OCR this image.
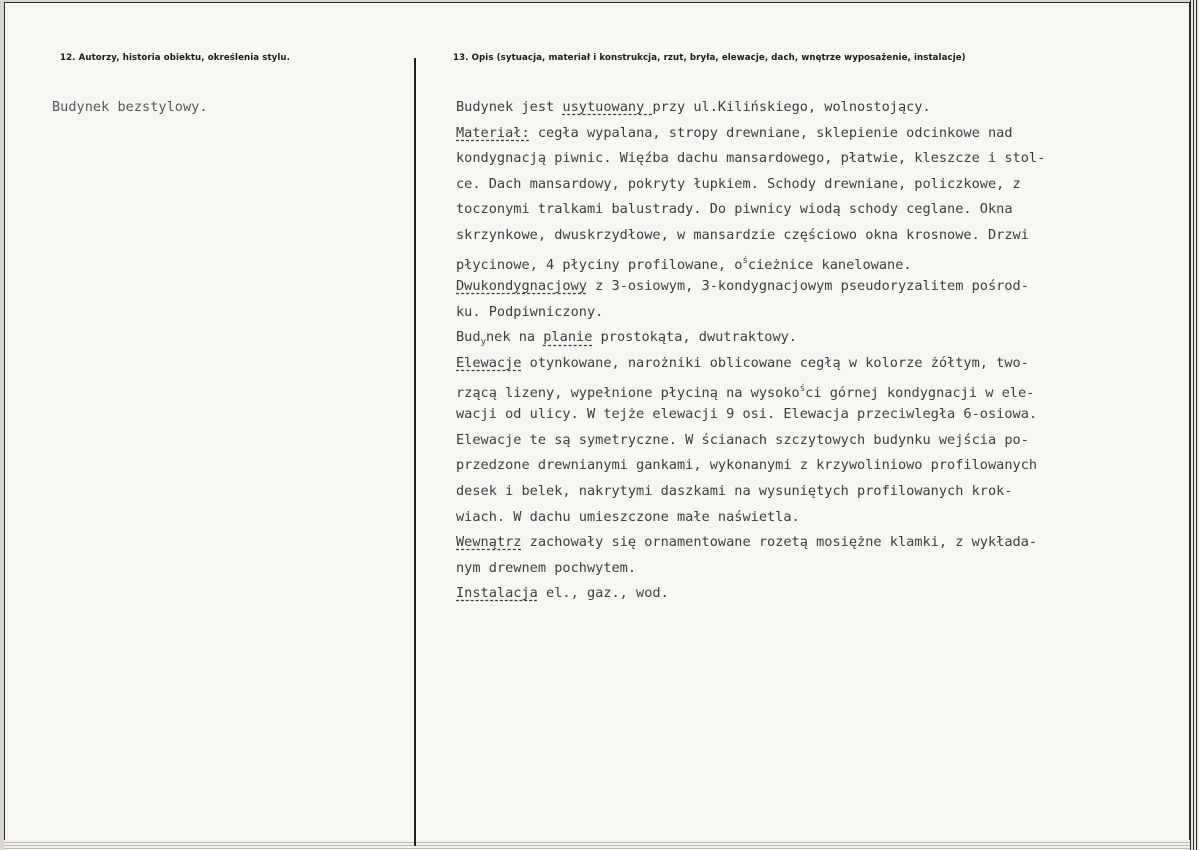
12. Autorzy, historia obiektu, określenia stylu.	13. Opis (sytuacja, materiał i konstrukcja, rzut, bryła, elewacje, dach, wnętrze wyposażenie, instalacje)
Budynek bezstylowy.	Budynek jest usytuowany przy ul.Kilińskiego, wolnostojący.
Materiał: cegła wypalana, stropy drewniane, sklepienie odcinkowe nad
kondygnacją piwnic. Więźba dachu mansardowego, płatwie, kleszcze i stol-
ce. Dach mansardowy, pokryty łupkiem. Schody drewniane, policzkowe, z
toczonymi tralkami balustrady. Do piwnicy wiodą schody ceglane. Okna
skrzynkowe, dwuskrzydłowe, w mansardzie częściowo okna krosnowe. Drzwi
płycinowe, 4 płyciny profilowane, $o^ścieżnice$ kanelowane.
Dwukondygnacjowy z 3-osiowym, 3-kondygnacjowym pseudoryzalitem pośrod-
ku. Podpiwniczony.
Bud$_y$nek na planie prostokąta, dwutraktowy.
Elewacje otynkowane, narożniki oblicowane cegłą w kolorze żółtym, two-
rzącą lizeny, wypełnione płyciną na wysoko$^ś$ci górnej kondygnacji w ele-
wacji od ulicy. W tejże elewacji 9 osi. Elewacja przeciwległa 6-osiowa.
Elewacje te są symetryczne. W ścianach szczytowych budynku wejścia po-
przedzone drewnianymi gankami, wykonanymi z krzywoliniowo profilowanych
desek i belek, nakrytymi daszkami na wysuniętych profilowanych krok-
wiach. W dachu umieszczone małe naświetla.
Wewnątrz zachowały się ornamentowane rozetą mosiężne klamki, z wykłada-
nym drewnem pochwytem.
Instalacja el., gaz., wod.
